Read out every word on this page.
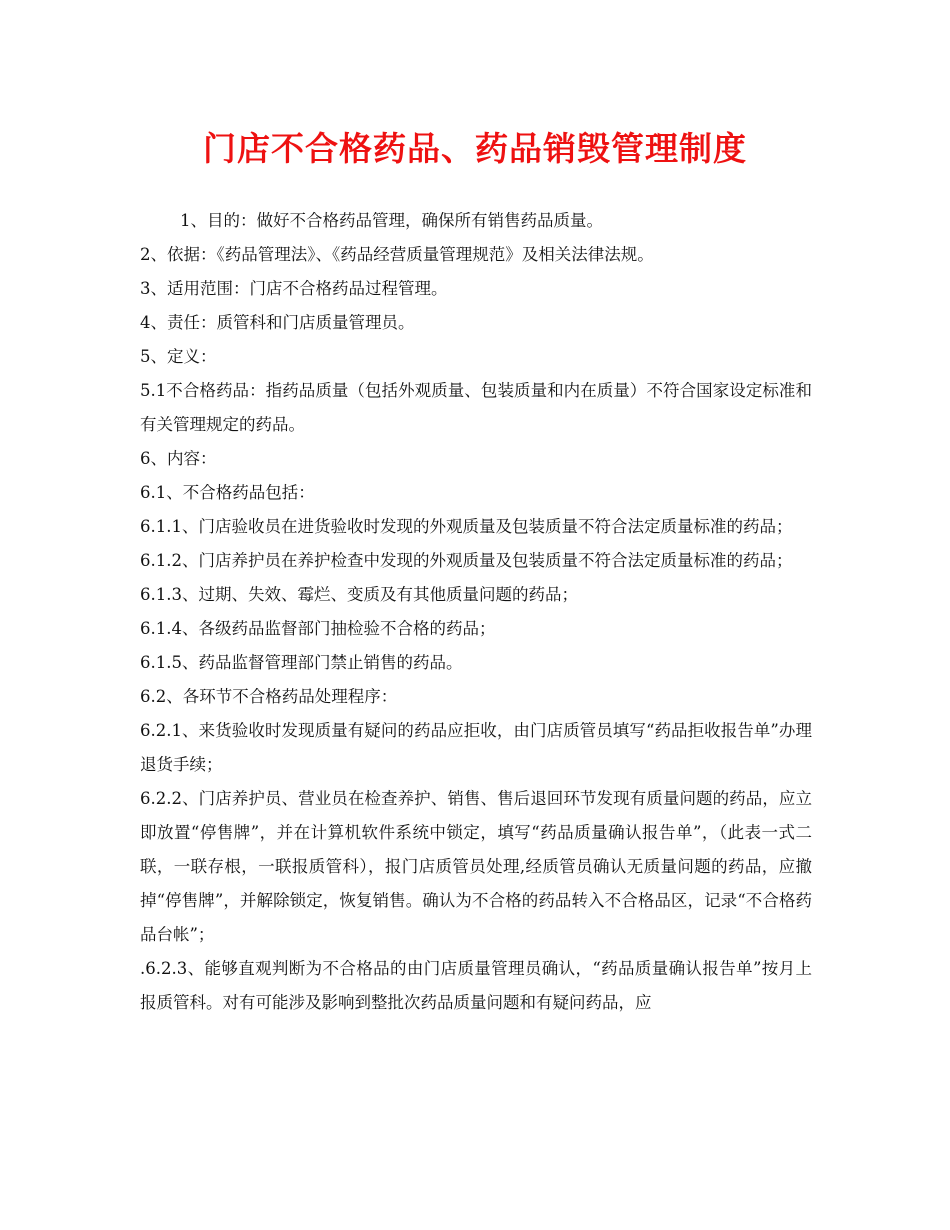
门店不合格药品、药品销毁管理制度

1、目的：做好不合格药品管理，确保所有销售药品质量。

2、依据：《药品管理法》、《药品经营质量管理规范》及相关法律法规。

3、适用范围：门店不合格药品过程管理。

4、责任：质管科和门店质量管理员。

5、定义：

5.1不合格药品：指药品质量（包括外观质量、包装质量和内在质量）不符合国家设定标准和有关管理规定的药品。

6、内容：

6.1、不合格药品包括：

6.1.1、门店验收员在进货验收时发现的外观质量及包装质量不符合法定质量标准的药品；

6.1.2、门店养护员在养护检查中发现的外观质量及包装质量不符合法定质量标准的药品；

6.1.3、过期、失效、霉烂、变质及有其他质量问题的药品；

6.1.4、各级药品监督部门抽检验不合格的药品；

6.1.5、药品监督管理部门禁止销售的药品。

6.2、各环节不合格药品处理程序：

6.2.1、来货验收时发现质量有疑问的药品应拒收，由门店质管员填写“药品拒收报告单”办理退货手续；

6.2.2、门店养护员、营业员在检查养护、销售、售后退回环节发现有质量问题的药品，应立即放置“停售牌”，并在计算机软件系统中锁定，填写“药品质量确认报告单”，（此表一式二联，一联存根，一联报质管科），报门店质管员处理,经质管员确认无质量问题的药品，应撤掉“停售牌”，并解除锁定，恢复销售。确认为不合格的药品转入不合格品区，记录“不合格药品台帐”；

.6.2.3、能够直观判断为不合格品的由门店质量管理员确认，“药品质量确认报告单”按月上报质管科。对有可能涉及影响到整批次药品质量问题和有疑问药品，应
